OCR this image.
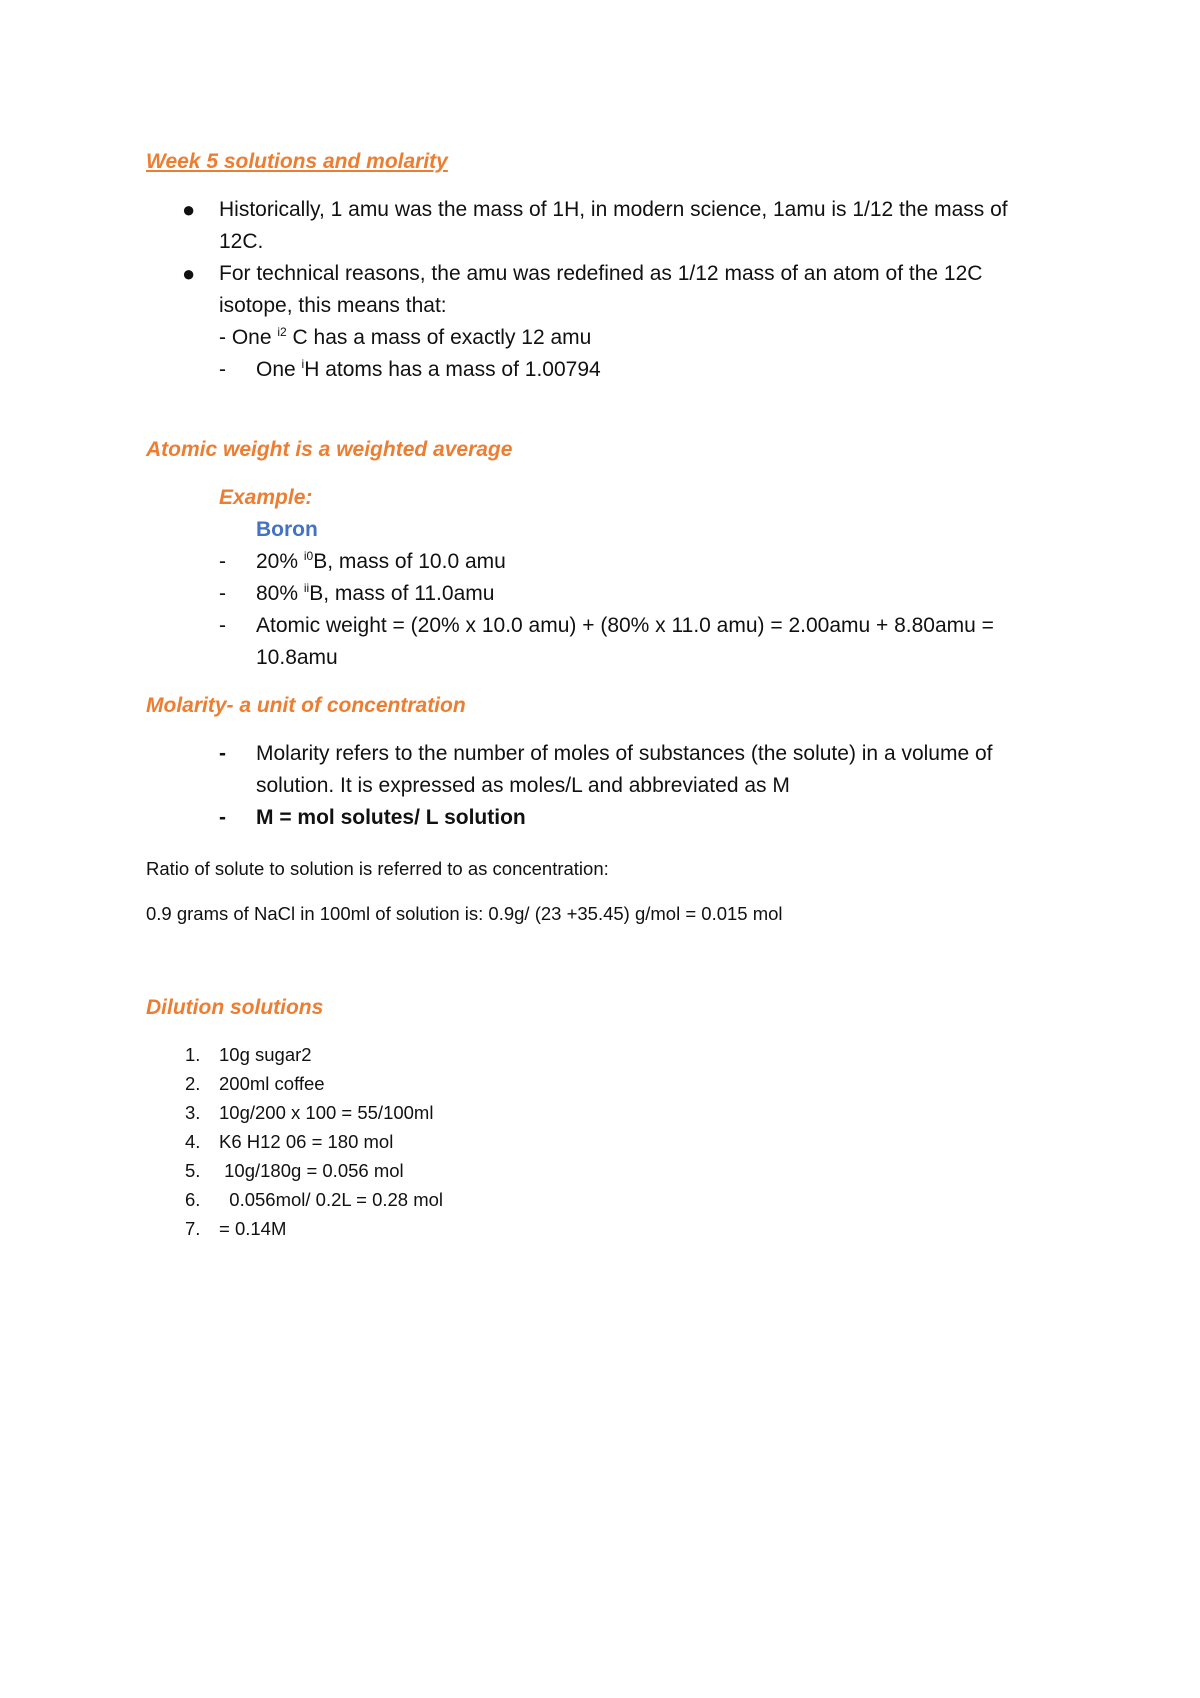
Week 5 solutions and molarity
● Historically, 1 amu was the mass of 1H, in modern science, 1amu is 1/12 the mass of
12C.
● For technical reasons, the amu was redefined as 1/12 mass of an atom of the 12C
isotope, this means that:
- One $^{i2}$ C has a mass of exactly 12 amu
- One $^i$H atoms has a mass of 1.00794
Atomic weight is a weighted average
Example:
Boron
- 20% $^{i0}$B, mass of 10.0 amu
- 80% $^{ii}$B, mass of 11.0amu
- Atomic weight = (20% x 10.0 amu) + (80% x 11.0 amu) = 2.00amu + 8.80amu =
10.8amu
Molarity- a unit of concentration
- Molarity refers to the number of moles of substances (the solute) in a volume of
solution. It is expressed as moles/L and abbreviated as M
- M = mol solutes/ L solution
Ratio of solute to solution is referred to as concentration:
0.9 grams of NaCl in 100ml of solution is: 0.9g/ (23 +35.45) g/mol = 0.015 mol
Dilution solutions
1. 10g sugar2
2. 200ml coffee
3. 10g/200 x 100 = 55/100ml
4. K6 H12 06 = 180 mol
5. 10g/180g = 0.056 mol
6. 0.056mol/ 0.2L = 0.28 mol
7. = 0.14M
